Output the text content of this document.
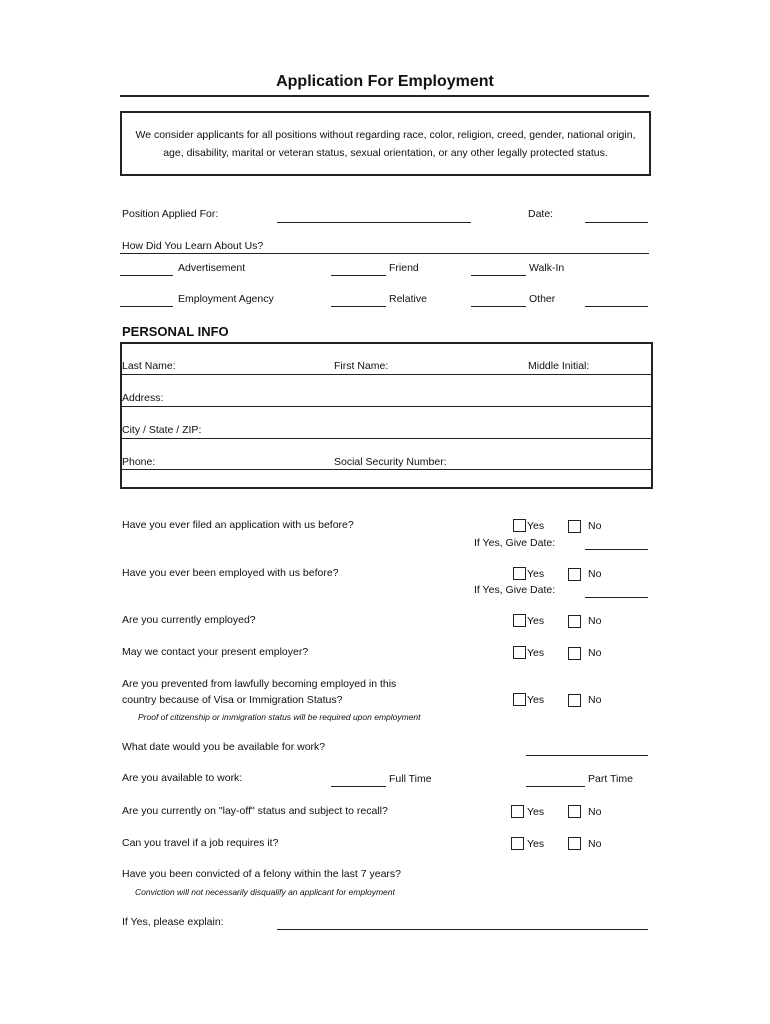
Application For Employment

We consider applicants for all positions without regarding race, color, religion, creed, gender, national origin,

age, disability, marital or veteran status, sexual orientation, or any other legally protected status.

Position Applied For:	Date:
How Did You Learn About Us?
Advertisement	Friend	Walk-In
Employment Agency	Relative	Other
PERSONAL INFO
Last Name:	First Name:	Middle Initial:
Address:
City / State / ZIP:
Phone:	Social Security Number:
Have you ever filed an application with us before?	Yes	No
If Yes, Give Date:
Have you ever been employed with us before?	Yes	No
If Yes, Give Date:
Are you currently employed?	Yes	No
May we contact your present employer?	Yes	No
Are you prevented from lawfully becoming employed in this
country because of Visa or Immigration Status?
Proof of citizenship or immigration status will be required upon employment
Yes	No
What date would you be available for work?
Are you available to work:	Full Time	Part Time
Are you currently on "lay-off" status and subject to recall?	Yes	No
Can you travel if a job requires it?	Yes	No
Have you been convicted of a felony within the last 7 years?
Conviction will not necessarily disqualify an applicant for employment
If Yes, please explain:
